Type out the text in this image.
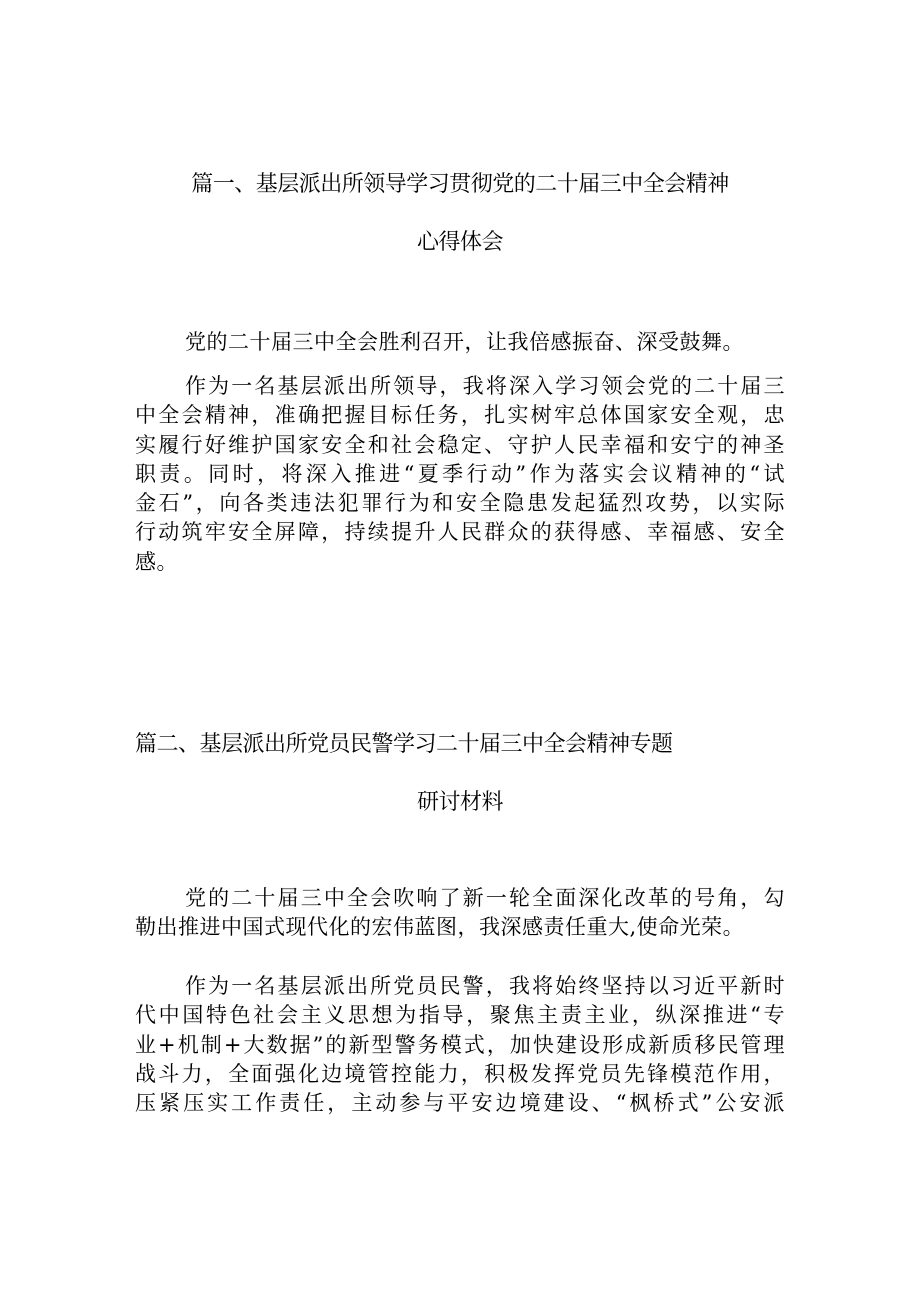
篇一、基层派出所领导学习贯彻党的二十届三中全会精神
心得体会
党的二十届三中全会胜利召开，让我倍感振奋、深受鼓舞。
作为一名基层派出所领导，我将深入学习领会党的二十届三
中全会精神，准确把握目标任务，扎实树牢总体国家安全观，忠
实履行好维护国家安全和社会稳定、守护人民幸福和安宁的神圣
职责。同时，将深入推进“夏季行动”作为落实会议精神的“试
金石”，向各类违法犯罪行为和安全隐患发起猛烈攻势，以实际
行动筑牢安全屏障，持续提升人民群众的获得感、幸福感、安全
感。
篇二、基层派出所党员民警学习二十届三中全会精神专题
研讨材料
党的二十届三中全会吹响了新一轮全面深化改革的号角，勾
勒出推进中国式现代化的宏伟蓝图，我深感责任重大,使命光荣。
作为一名基层派出所党员民警，我将始终坚持以习近平新时
代中国特色社会主义思想为指导，聚焦主责主业，纵深推进“专
业+机制+大数据”的新型警务模式，加快建设形成新质移民管理
战斗力，全面强化边境管控能力，积极发挥党员先锋模范作用，
压紧压实工作责任，主动参与平安边境建设、“枫桥式”公安派
